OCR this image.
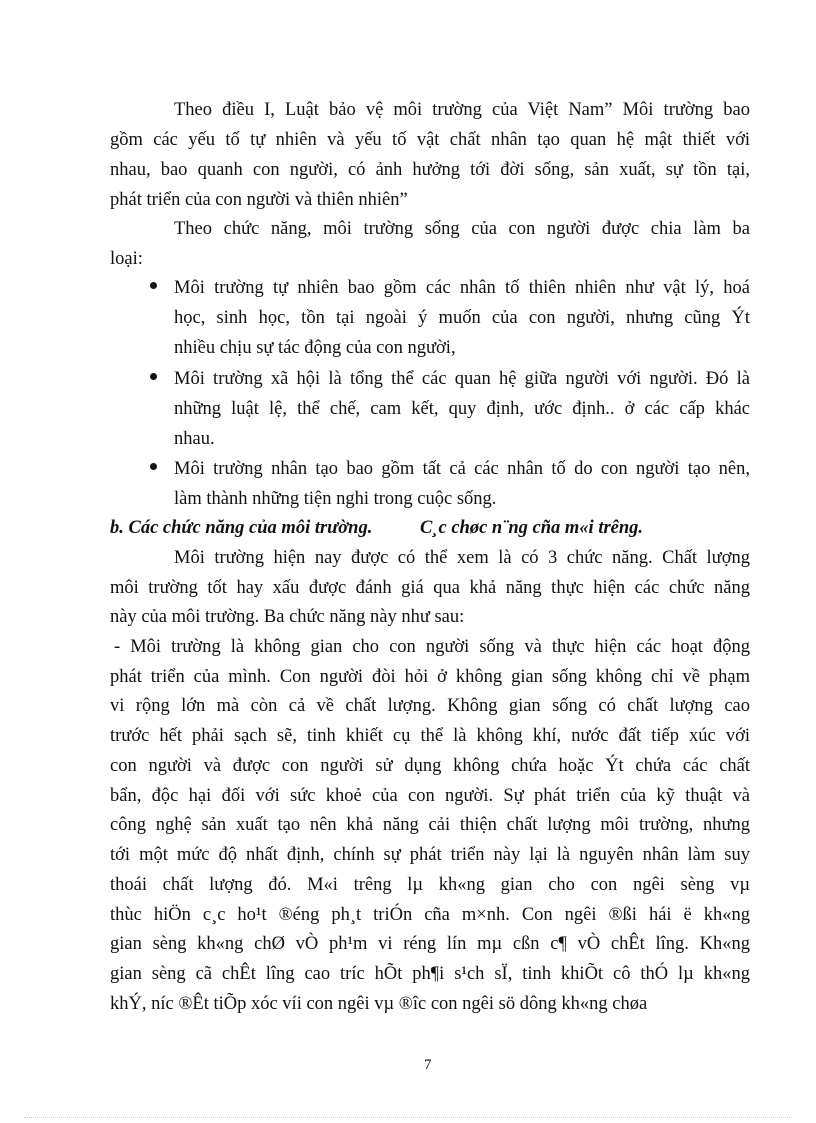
Theo điều I, Luật bảo vệ môi trường của Việt Nam” Môi trường bao
gồm các yếu tố tự nhiên và yếu tố vật chất nhân tạo quan hệ mật thiết với
nhau, bao quanh con người, có ảnh hưởng tới đời sống, sản xuất, sự tồn tại,
phát triển của con người và thiên nhiên”
Theo chức năng, môi trường sống của con người được chia làm ba
loại:
Môi trường tự nhiên bao gồm các nhân tố thiên nhiên như vật lý, hoá
học, sinh học, tồn tại ngoài ý muốn của con người, nhưng cũng Ýt
nhiều chịu sự tác động của con người,
Môi trường xã hội là tổng thể các quan hệ giữa người với người. Đó là
những luật lệ, thể chế, cam kết, quy định, ước định.. ở các cấp khác
nhau.
Môi trường nhân tạo bao gồm tất cả các nhân tố do con người tạo nên,
làm thành những tiện nghi trong cuộc sống.
b. Các chức năng của môi trường.	C¸c chøc n¨ng cña m«i trêng.
Môi trường hiện nay được có thể xem là có 3 chức năng. Chất lượng
môi trường tốt hay xấu được đánh giá qua khả năng thực hiện các chức năng
này của môi trường. Ba chức năng này như sau:
- Môi trường là không gian cho con người sống và thực hiện các hoạt động
phát triển của mình. Con người đòi hỏi ở không gian sống không chỉ về phạm
vi rộng lớn mà còn cả về chất lượng. Không gian sống có chất lượng cao
trước hết phải sạch sẽ, tinh khiết cụ thể là không khí, nước đất tiếp xúc với
con người và được con người sử dụng không chứa hoặc Ýt chứa các chất
bẩn, độc hại đối với sức khoẻ của con người. Sự phát triển của kỹ thuật và
công nghệ sản xuất tạo nên khả năng cải thiện chất lượng môi trường, nhưng
tới một mức độ nhất định, chính sự phát triển này lại là nguyên nhân làm suy
thoái chất lượng đó. M«i trêng lµ kh«ng gian cho con ngêi sèng vµ
thùc hiÖn c¸c ho¹t ®éng ph¸t triÓn cña m×nh. Con ngêi ®ßi hái ë kh«ng
gian sèng kh«ng chØ vÒ ph¹m vi réng lín mµ cßn c¶ vÒ chÊt lîng. Kh«ng
gian sèng cã chÊt lîng cao tríc hÕt ph¶i s¹ch sÏ, tinh khiÕt cô thÓ lµ kh«ng
khÝ, níc ®Êt tiÕp xóc víi con ngêi vµ ®îc con ngêi sö dông kh«ng chøa
7
